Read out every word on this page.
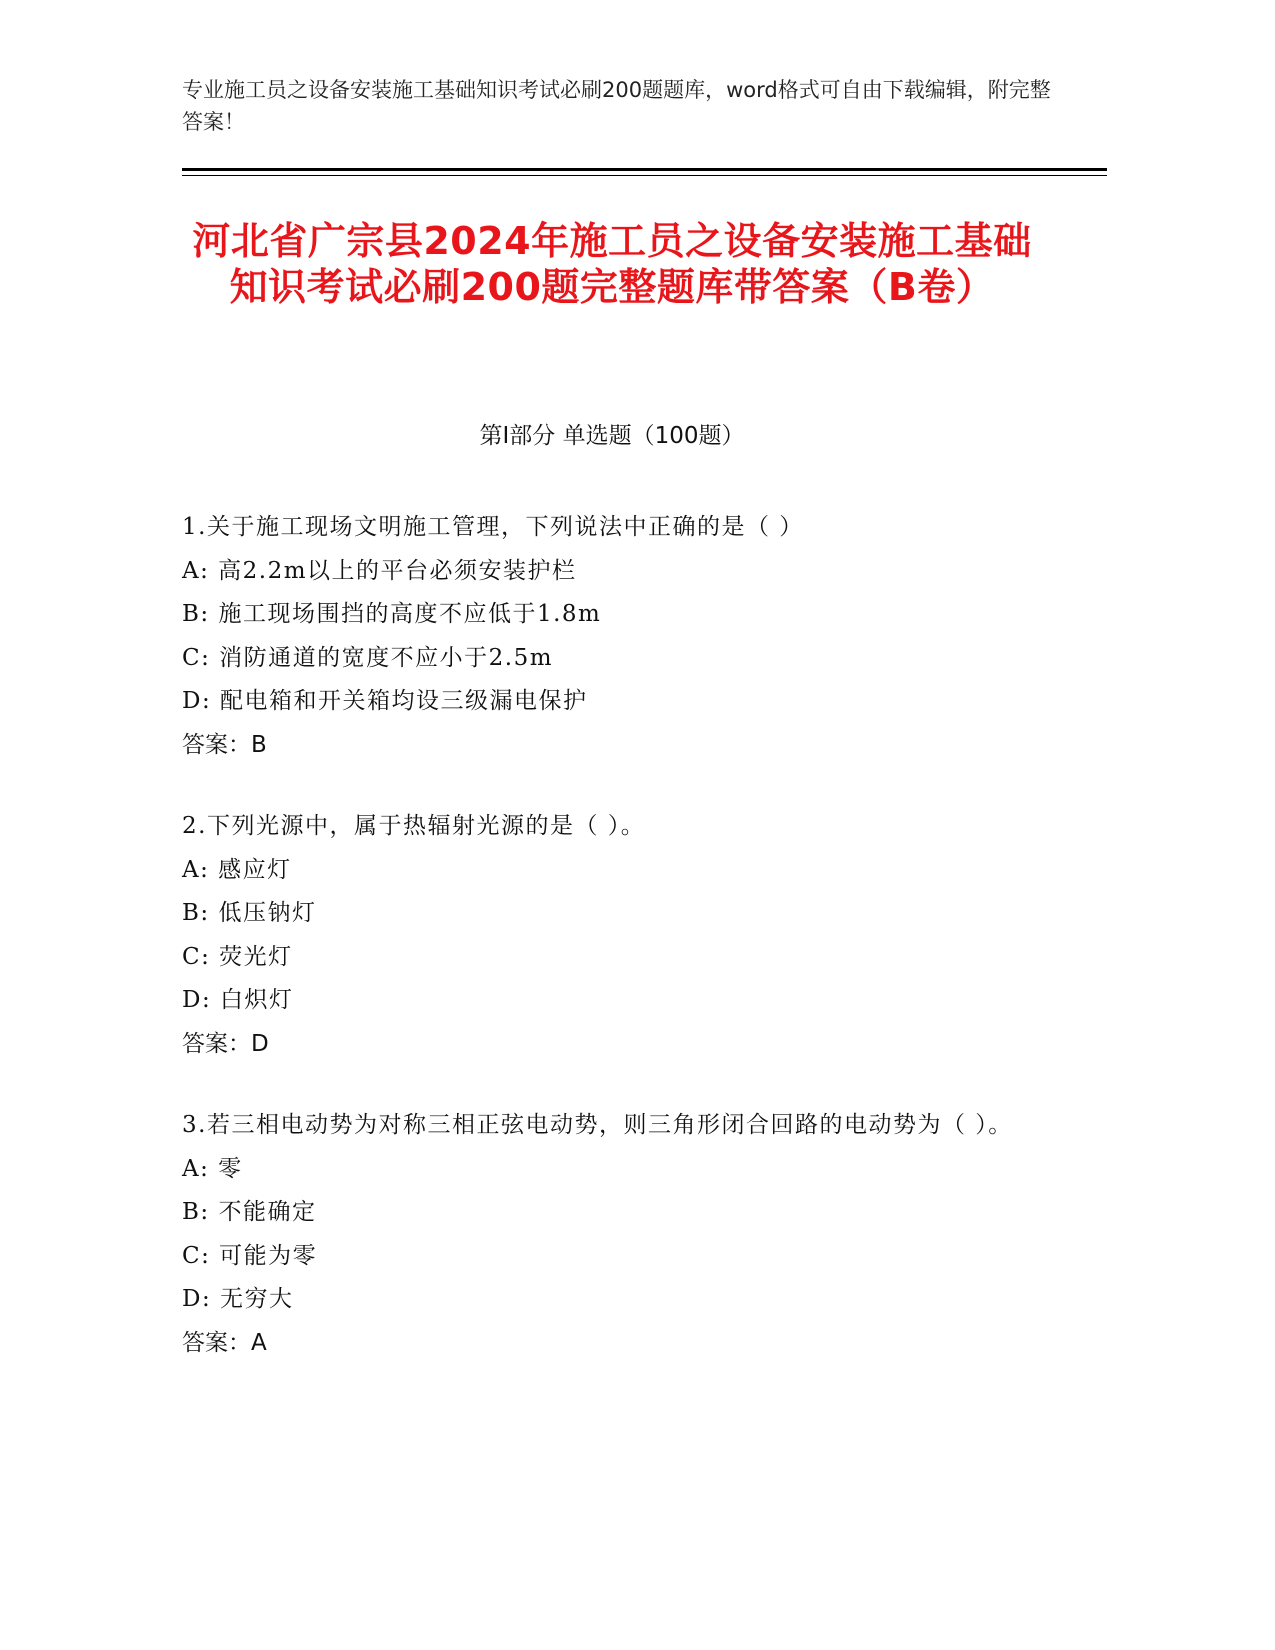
专业施工员之设备安装施工基础知识考试必刷200题题库，word格式可自由下载编辑，附完整答案！
河北省广宗县2024年施工员之设备安装施工基础知识考试必刷200题完整题库带答案（B卷）
第Ⅰ部分 单选题（100题）
1.关于施工现场文明施工管理，下列说法中正确的是（ ）
A: 高2.2m以上的平台必须安装护栏
B: 施工现场围挡的高度不应低于1.8m
C: 消防通道的宽度不应小于2.5m
D: 配电箱和开关箱均设三级漏电保护
答案：B
2.下列光源中，属于热辐射光源的是（ ）。
A: 感应灯
B: 低压钠灯
C: 荧光灯
D: 白炽灯
答案：D
3.若三相电动势为对称三相正弦电动势，则三角形闭合回路的电动势为（ ）。
A: 零
B: 不能确定
C: 可能为零
D: 无穷大
答案：A
